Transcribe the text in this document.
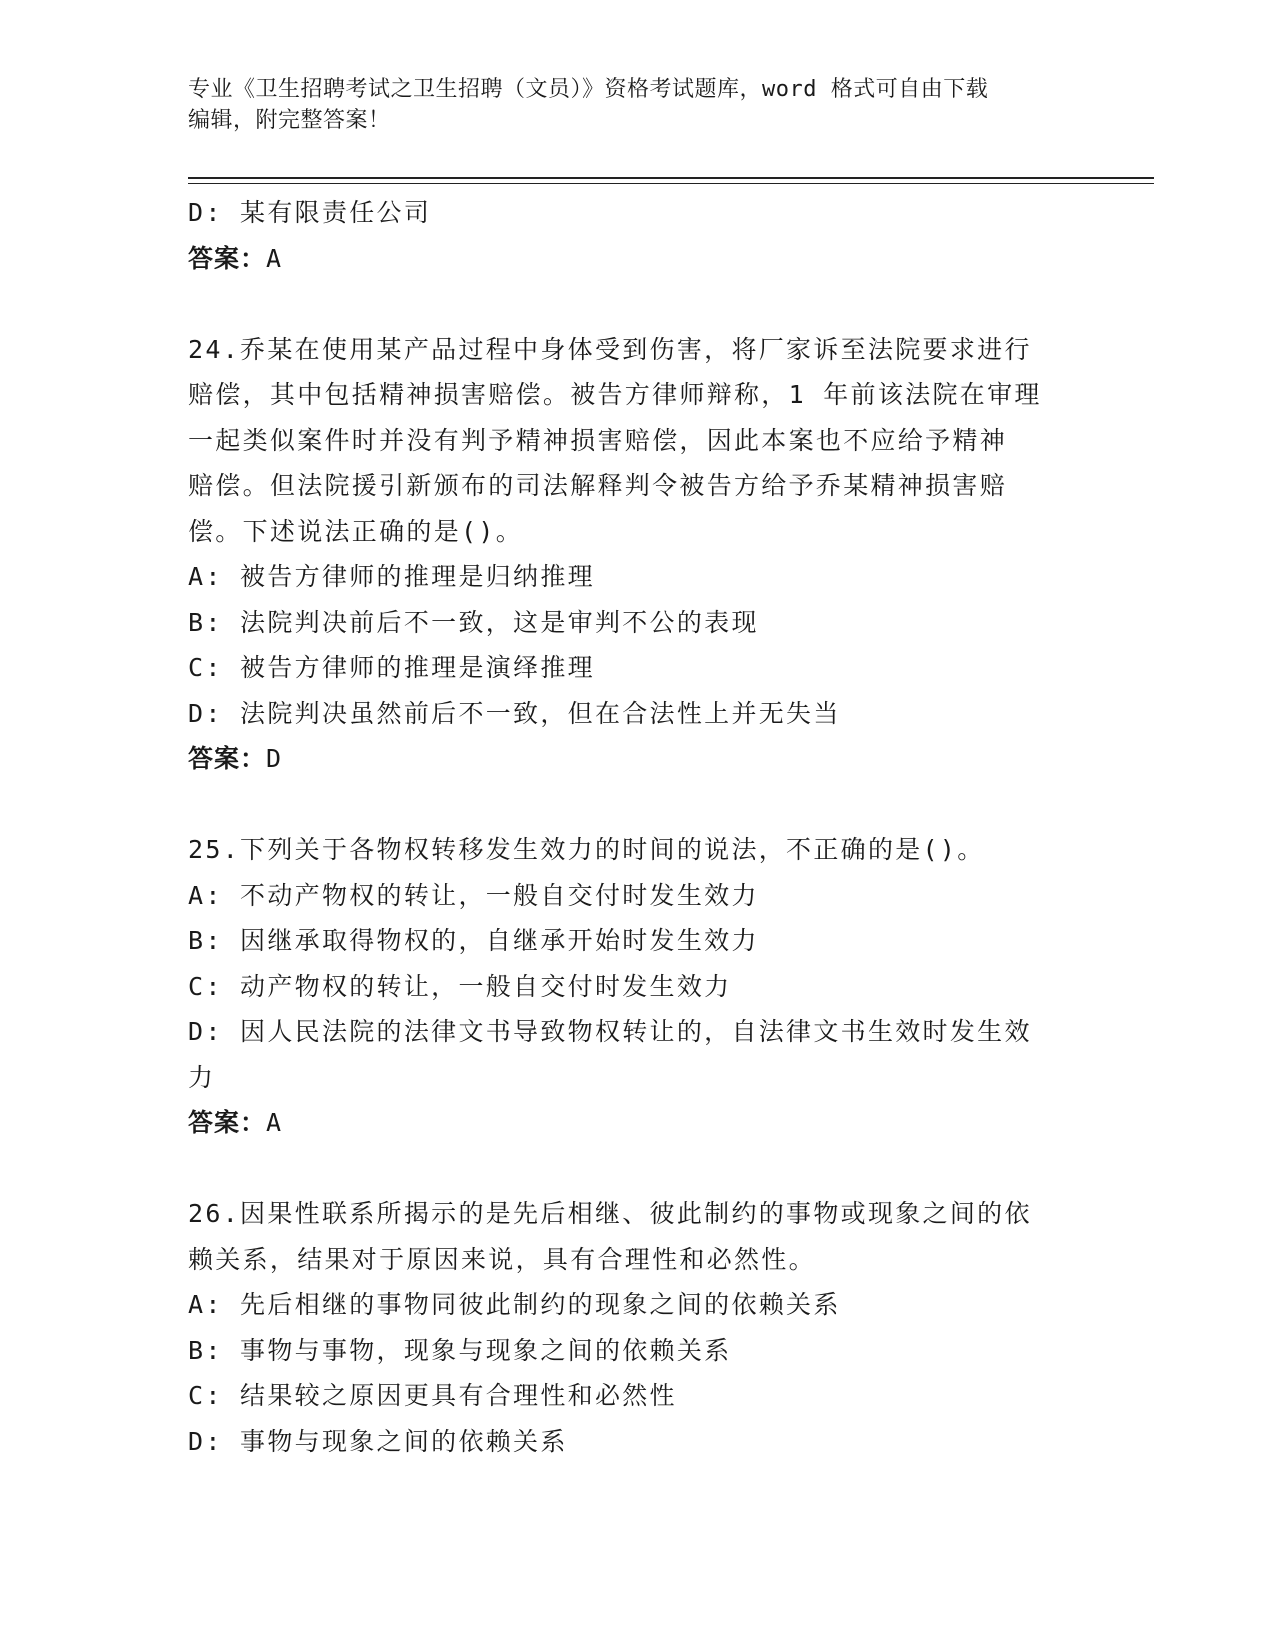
专业《卫生招聘考试之卫生招聘（文员）》资格考试题库，word 格式可自由下载
编辑，附完整答案！
D: 某有限责任公司
答案：A
24.乔某在使用某产品过程中身体受到伤害，将厂家诉至法院要求进行
赔偿，其中包括精神损害赔偿。被告方律师辩称，1 年前该法院在审理
一起类似案件时并没有判予精神损害赔偿，因此本案也不应给予精神
赔偿。但法院援引新颁布的司法解释判令被告方给予乔某精神损害赔
偿。下述说法正确的是()。
A: 被告方律师的推理是归纳推理
B: 法院判决前后不一致，这是审判不公的表现
C: 被告方律师的推理是演绎推理
D: 法院判决虽然前后不一致，但在合法性上并无失当
答案：D
25.下列关于各物权转移发生效力的时间的说法，不正确的是()。
A: 不动产物权的转让，一般自交付时发生效力
B: 因继承取得物权的，自继承开始时发生效力
C: 动产物权的转让，一般自交付时发生效力
D: 因人民法院的法律文书导致物权转让的，自法律文书生效时发生效
力
答案：A
26.因果性联系所揭示的是先后相继、彼此制约的事物或现象之间的依
赖关系，结果对于原因来说，具有合理性和必然性。
A: 先后相继的事物同彼此制约的现象之间的依赖关系
B: 事物与事物，现象与现象之间的依赖关系
C: 结果较之原因更具有合理性和必然性
D: 事物与现象之间的依赖关系
